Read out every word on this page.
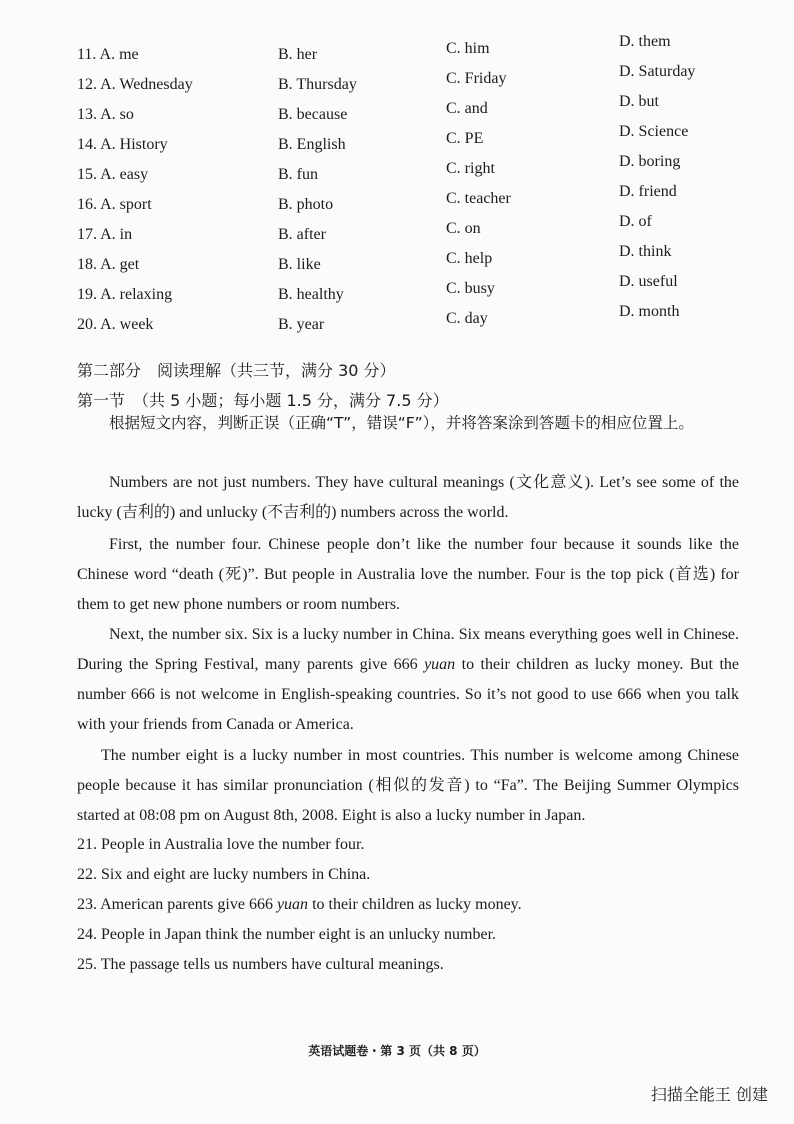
11. A. me	B. her	C. him	D. them
12. A. Wednesday	B. Thursday	C. Friday	D. Saturday
13. A. so	B. because	C. and	D. but
14. A. History	B. English	C. PE	D. Science
15. A. easy	B. fun	C. right	D. boring
16. A. sport	B. photo	C. teacher	D. friend
17. A. in	B. after	C. on	D. of
18. A. get	B. like	C. help	D. think
19. A. relaxing	B. healthy	C. busy	D. useful
20. A. week	B. year	C. day	D. month
第二部分　阅读理解（共三节，满分 30 分）
第一节　（共 5 小题；每小题 1.5 分，满分 7.5 分）

根据短文内容，判断正误（正确“T”，错误“F”），并将答案涂到答题卡的相应位置上。

Numbers are not just numbers. They have cultural meanings (文化意义). Let’s see some of the lucky (吉利的) and unlucky (不吉利的) numbers across the world.

First, the number four. Chinese people don’t like the number four because it sounds like the Chinese word “death (死)”. But people in Australia love the number. Four is the top pick (首选) for them to get new phone numbers or room numbers.

Next, the number six. Six is a lucky number in China. Six means everything goes well in Chinese. During the Spring Festival, many parents give 666 yuan to their children as lucky money. But the number 666 is not welcome in English-speaking countries. So it’s not good to use 666 when you talk with your friends from Canada or America.

The number eight is a lucky number in most countries. This number is welcome among Chinese people because it has similar pronunciation (相似的发音) to “Fa”. The Beijing Summer Olympics started at 08:08 pm on August 8th, 2008. Eight is also a lucky number in Japan.

21. People in Australia love the number four.
22. Six and eight are lucky numbers in China.
23. American parents give 666 yuan to their children as lucky money.
24. People in Japan think the number eight is an unlucky number.
25. The passage tells us numbers have cultural meanings.
英语试题卷・第 3 页（共 8 页）
扫描全能王 创建
